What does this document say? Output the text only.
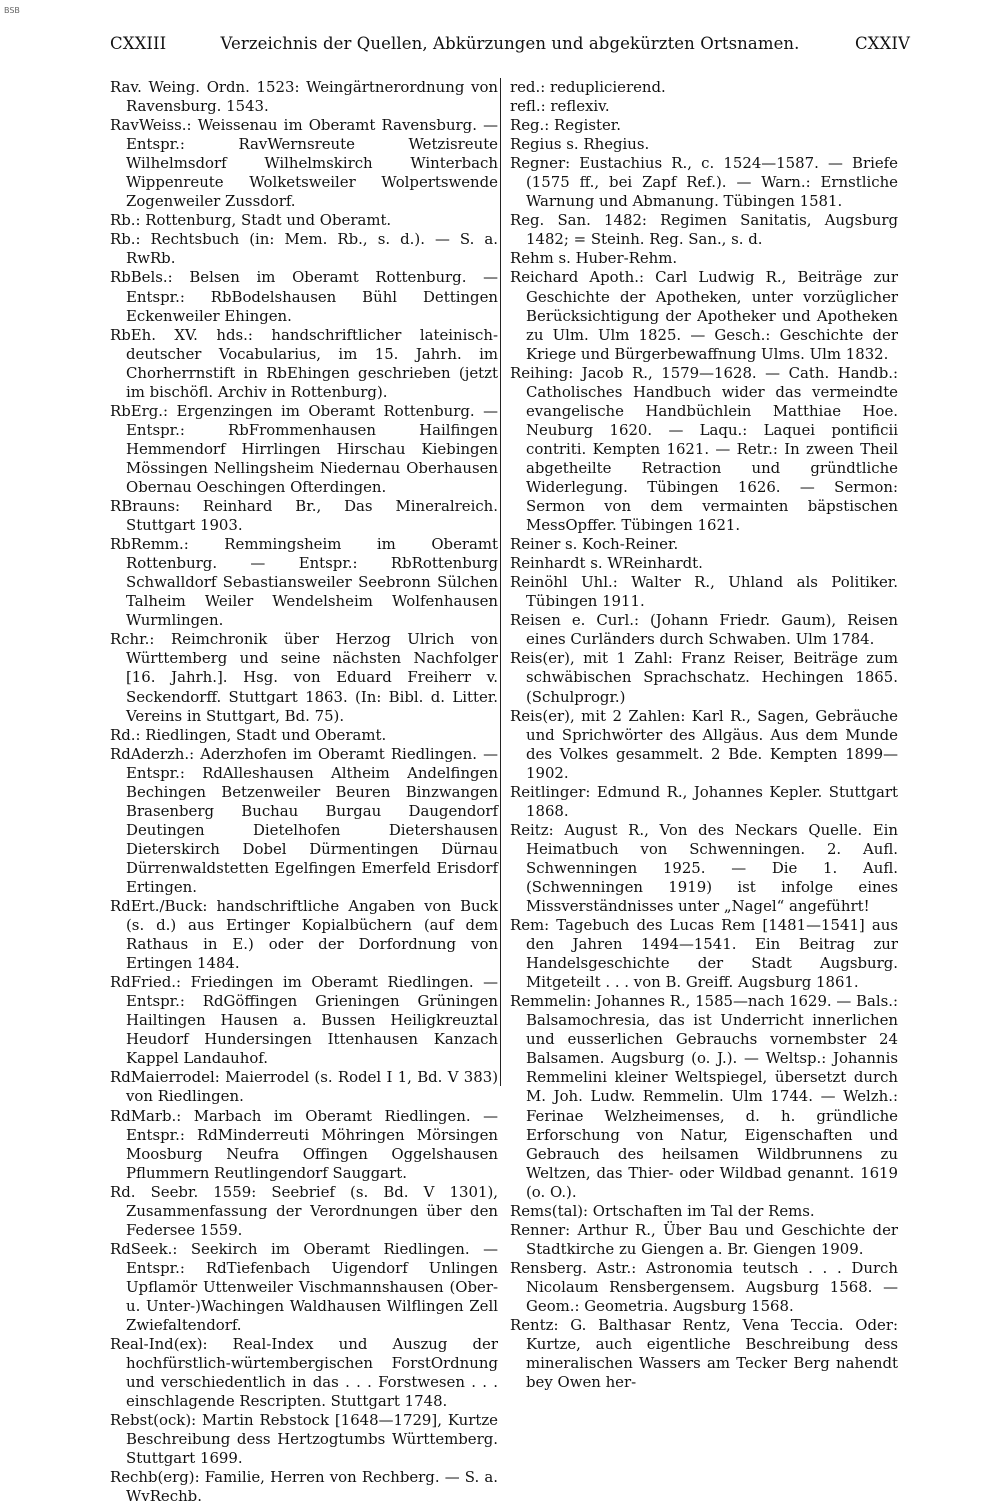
BSB
CXXIII	Verzeichnis der Quellen, Abkürzungen und abgekürzten Ortsnamen.	CXXIV

Rav. Weing. Ordn. 1523: Weingärtnerordnung von Ravensburg. 1543.

RavWeiss.: Weissenau im Oberamt Ravensburg. — Entspr.: RavWernsreute Wetzisreute Wilhelmsdorf Wilhelmskirch Winterbach Wippenreute Wolketsweiler Wolpertswende Zogenweiler Zussdorf.

Rb.: Rottenburg, Stadt und Oberamt.

Rb.: Rechtsbuch (in: Mem. Rb., s. d.). — S. a. RwRb.

RbBels.: Belsen im Oberamt Rottenburg. — Entspr.: RbBodelshausen Bühl Dettingen Eckenweiler Ehingen.

RbEh. XV. hds.: handschriftlicher lateinisch-deutscher Vocabularius, im 15. Jahrh. im Chorherrnstift in RbEhingen geschrieben (jetzt im bischöfl. Archiv in Rottenburg).

RbErg.: Ergenzingen im Oberamt Rottenburg. — Entspr.: RbFrommenhausen Hailfingen Hemmendorf Hirrlingen Hirschau Kiebingen Mössingen Nellingsheim Niedernau Oberhausen Obernau Oeschingen Ofterdingen.

RBrauns: Reinhard Br., Das Mineralreich. Stuttgart 1903.

RbRemm.: Remmingsheim im Oberamt Rottenburg. — Entspr.: RbRottenburg Schwalldorf Sebastiansweiler Seebronn Sülchen Talheim Weiler Wendelsheim Wolfenhausen Wurmlingen.

Rchr.: Reimchronik über Herzog Ulrich von Württemberg und seine nächsten Nachfolger [16. Jahrh.]. Hsg. von Eduard Freiherr v. Seckendorff. Stuttgart 1863. (In: Bibl. d. Litter. Vereins in Stuttgart, Bd. 75).

Rd.: Riedlingen, Stadt und Oberamt.

RdAderzh.: Aderzhofen im Oberamt Riedlingen. — Entspr.: RdAlleshausen Altheim Andelfingen Bechingen Betzenweiler Beuren Binzwangen Brasenberg Buchau Burgau Daugendorf Deutingen Dietelhofen Dietershausen Dieterskirch Dobel Dürmentingen Dürnau Dürrenwaldstetten Egelfingen Emerfeld Erisdorf Ertingen.

RdErt./Buck: handschriftliche Angaben von Buck (s. d.) aus Ertinger Kopialbüchern (auf dem Rathaus in E.) oder der Dorfordnung von Ertingen 1484.

RdFried.: Friedingen im Oberamt Riedlingen. — Entspr.: RdGöffingen Grieningen Grüningen Hailtingen Hausen a. Bussen Heiligkreuztal Heudorf Hundersingen Ittenhausen Kanzach Kappel Landauhof.

RdMaierrodel: Maierrodel (s. Rodel I 1, Bd. V 383) von Riedlingen.

RdMarb.: Marbach im Oberamt Riedlingen. — Entspr.: RdMinderreuti Möhringen Mörsingen Moosburg Neufra Offingen Oggelshausen Pflummern Reutlingendorf Sauggart.

Rd. Seebr. 1559: Seebrief (s. Bd. V 1301), Zusammenfassung der Verordnungen über den Federsee 1559.

RdSeek.: Seekirch im Oberamt Riedlingen. — Entspr.: RdTiefenbach Uigendorf Unlingen Upflamör Uttenweiler Vischmannshausen (Ober- u. Unter-)Wachingen Waldhausen Wilflingen Zell Zwiefaltendorf.

Real-Ind(ex): Real-Index und Auszug der hochfürstlich-würtembergischen ForstOrdnung und verschiedentlich in das . . . Forstwesen . . . einschlagende Rescripten. Stuttgart 1748.

Rebst(ock): Martin Rebstock [1648—1729], Kurtze Beschreibung dess Hertzogtumbs Württemberg. Stuttgart 1699.

Rechb(erg): Familie, Herren von Rechberg. — S. a. WvRechb.

red.: reduplicierend.

refl.: reflexiv.

Reg.: Register.

Regius s. Rhegius.

Regner: Eustachius R., c. 1524—1587. — Briefe (1575 ff., bei Zapf Ref.). — Warn.: Ernstliche Warnung und Abmanung. Tübingen 1581.

Reg. San. 1482: Regimen Sanitatis, Augsburg 1482; = Steinh. Reg. San., s. d.

Rehm s. Huber-Rehm.

Reichard Apoth.: Carl Ludwig R., Beiträge zur Geschichte der Apotheken, unter vorzüglicher Berücksichtigung der Apotheker und Apotheken zu Ulm. Ulm 1825. — Gesch.: Geschichte der Kriege und Bürgerbewaffnung Ulms. Ulm 1832.

Reihing: Jacob R., 1579—1628. — Cath. Handb.: Catholisches Handbuch wider das vermeindte evangelische Handbüchlein Matthiae Hoe. Neuburg 1620. — Laqu.: Laquei pontificii contriti. Kempten 1621. — Retr.: In zween Theil abgetheilte Retraction und gründtliche Widerlegung. Tübingen 1626. — Sermon: Sermon von dem vermainten bäpstischen MessOpffer. Tübingen 1621.

Reiner s. Koch-Reiner.

Reinhardt s. WReinhardt.

Reinöhl Uhl.: Walter R., Uhland als Politiker. Tübingen 1911.

Reisen e. Curl.: (Johann Friedr. Gaum), Reisen eines Curländers durch Schwaben. Ulm 1784.

Reis(er), mit 1 Zahl: Franz Reiser, Beiträge zum schwäbischen Sprachschatz. Hechingen 1865. (Schulprogr.)

Reis(er), mit 2 Zahlen: Karl R., Sagen, Gebräuche und Sprichwörter des Allgäus. Aus dem Munde des Volkes gesammelt. 2 Bde. Kempten 1899—1902.

Reitlinger: Edmund R., Johannes Kepler. Stuttgart 1868.

Reitz: August R., Von des Neckars Quelle. Ein Heimatbuch von Schwenningen. 2. Aufl. Schwenningen 1925. — Die 1. Aufl. (Schwenningen 1919) ist infolge eines Missverständnisses unter „Nagel“ angeführt!

Rem: Tagebuch des Lucas Rem [1481—1541] aus den Jahren 1494—1541. Ein Beitrag zur Handelsgeschichte der Stadt Augsburg. Mitgeteilt . . . von B. Greiff. Augsburg 1861.

Remmelin: Johannes R., 1585—nach 1629. — Bals.: Balsamochresia, das ist Underricht innerlichen und eusserlichen Gebrauchs vornembster 24 Balsamen. Augsburg (o. J.). — Weltsp.: Johannis Remmelini kleiner Weltspiegel, übersetzt durch M. Joh. Ludw. Remmelin. Ulm 1744. — Welzh.: Ferinae Welzheimenses, d. h. gründliche Erforschung von Natur, Eigenschaften und Gebrauch des heilsamen Wildbrunnens zu Weltzen, das Thier- oder Wildbad genannt. 1619 (o. O.).

Rems(tal): Ortschaften im Tal der Rems.

Renner: Arthur R., Über Bau und Geschichte der Stadtkirche zu Giengen a. Br. Giengen 1909.

Rensberg. Astr.: Astronomia teutsch . . . Durch Nicolaum Rensbergensem. Augsburg 1568. — Geom.: Geometria. Augsburg 1568.

Rentz: G. Balthasar Rentz, Vena Teccia. Oder: Kurtze, auch eigentliche Beschreibung dess mineralischen Wassers am Tecker Berg nahendt bey Owen her-
